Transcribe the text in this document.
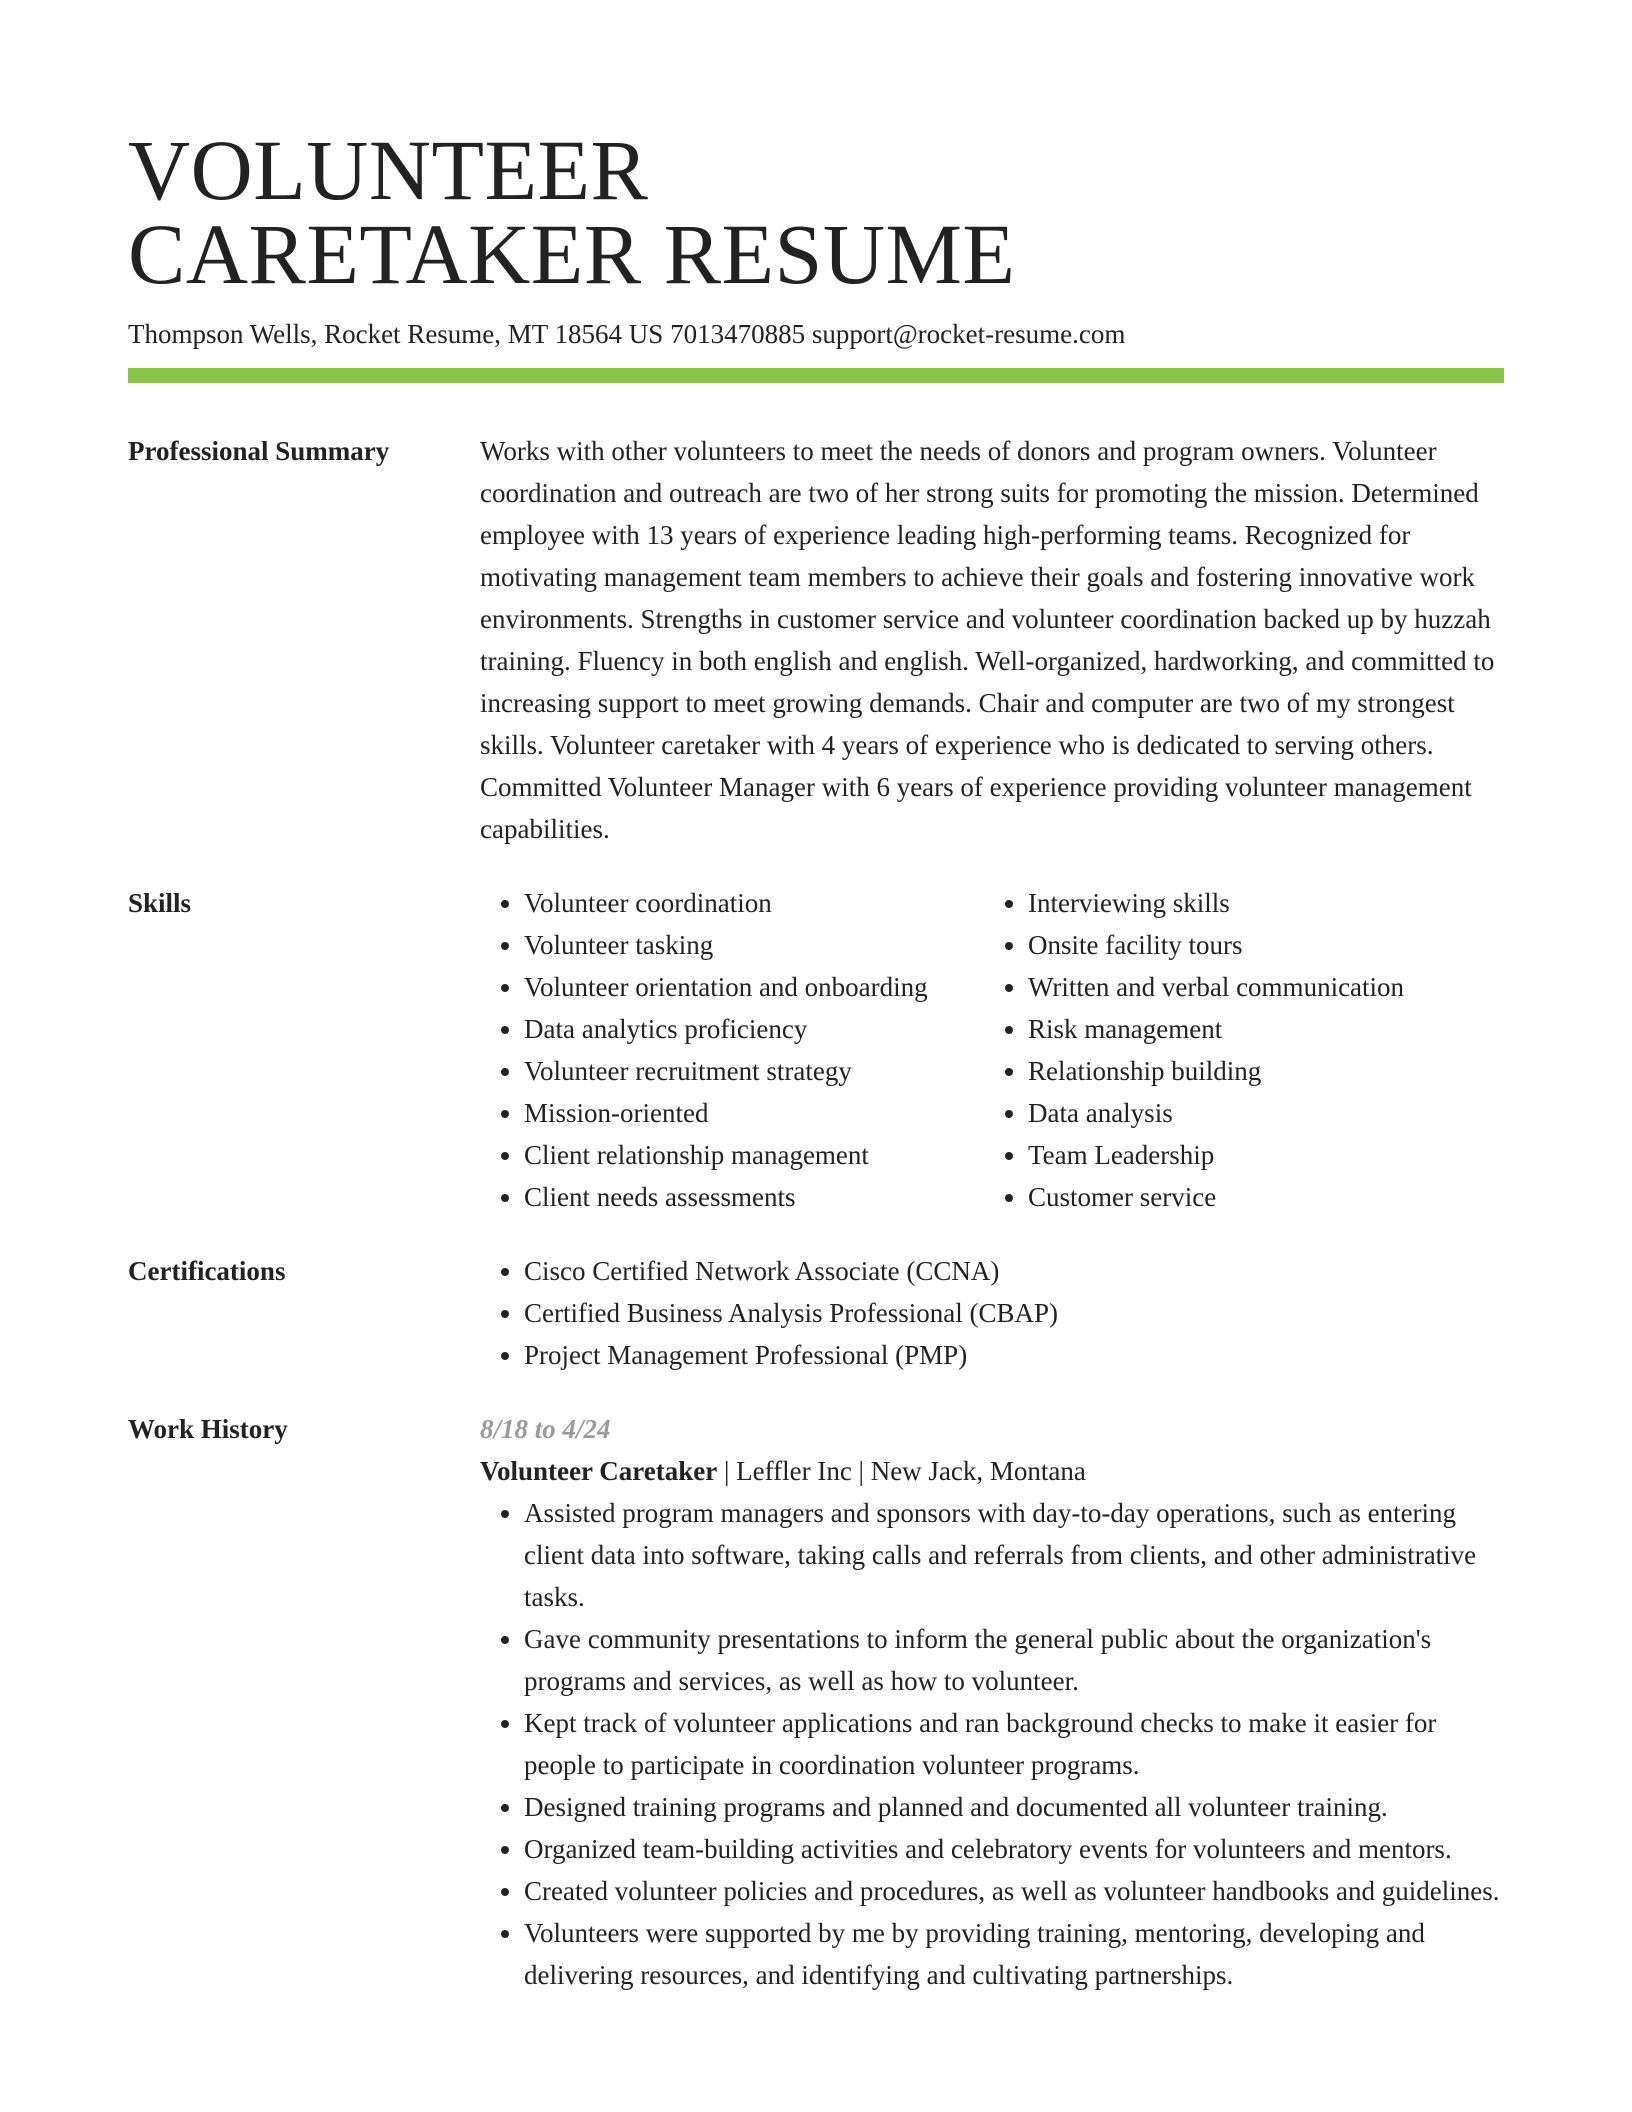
VOLUNTEER
CARETAKER RESUME
Thompson Wells, Rocket Resume, MT 18564 US 7013470885 support@rocket-resume.com
Professional Summary	Works with other volunteers to meet the needs of donors and program owners. Volunteer coordination and outreach are two of her strong suits for promoting the mission. Determined employee with 13 years of experience leading high-performing teams. Recognized for motivating management team members to achieve their goals and fostering innovative work environments. Strengths in customer service and volunteer coordination backed up by huzzah training. Fluency in both english and english. Well-organized, hardworking, and committed to increasing support to meet growing demands. Chair and computer are two of my strongest skills. Volunteer caretaker with 4 years of experience who is dedicated to serving others. Committed Volunteer Manager with 6 years of experience providing volunteer management capabilities.
Skills	• Volunteer coordination
• Volunteer tasking
• Volunteer orientation and onboarding
• Data analytics proficiency
• Volunteer recruitment strategy
• Mission-oriented
• Client relationship management
• Client needs assessments
• Interviewing skills
• Onsite facility tours
• Written and verbal communication
• Risk management
• Relationship building
• Data analysis
• Team Leadership
• Customer service
Certifications	• Cisco Certified Network Associate (CCNA)
• Certified Business Analysis Professional (CBAP)
• Project Management Professional (PMP)
Work History	8/18 to 4/24
Volunteer Caretaker | Leffler Inc | New Jack, Montana
• Assisted program managers and sponsors with day-to-day operations, such as entering client data into software, taking calls and referrals from clients, and other administrative tasks.
• Gave community presentations to inform the general public about the organization's programs and services, as well as how to volunteer.
• Kept track of volunteer applications and ran background checks to make it easier for people to participate in coordination volunteer programs.
• Designed training programs and planned and documented all volunteer training.
• Organized team-building activities and celebratory events for volunteers and mentors.
• Created volunteer policies and procedures, as well as volunteer handbooks and guidelines.
• Volunteers were supported by me by providing training, mentoring, developing and delivering resources, and identifying and cultivating partnerships.
